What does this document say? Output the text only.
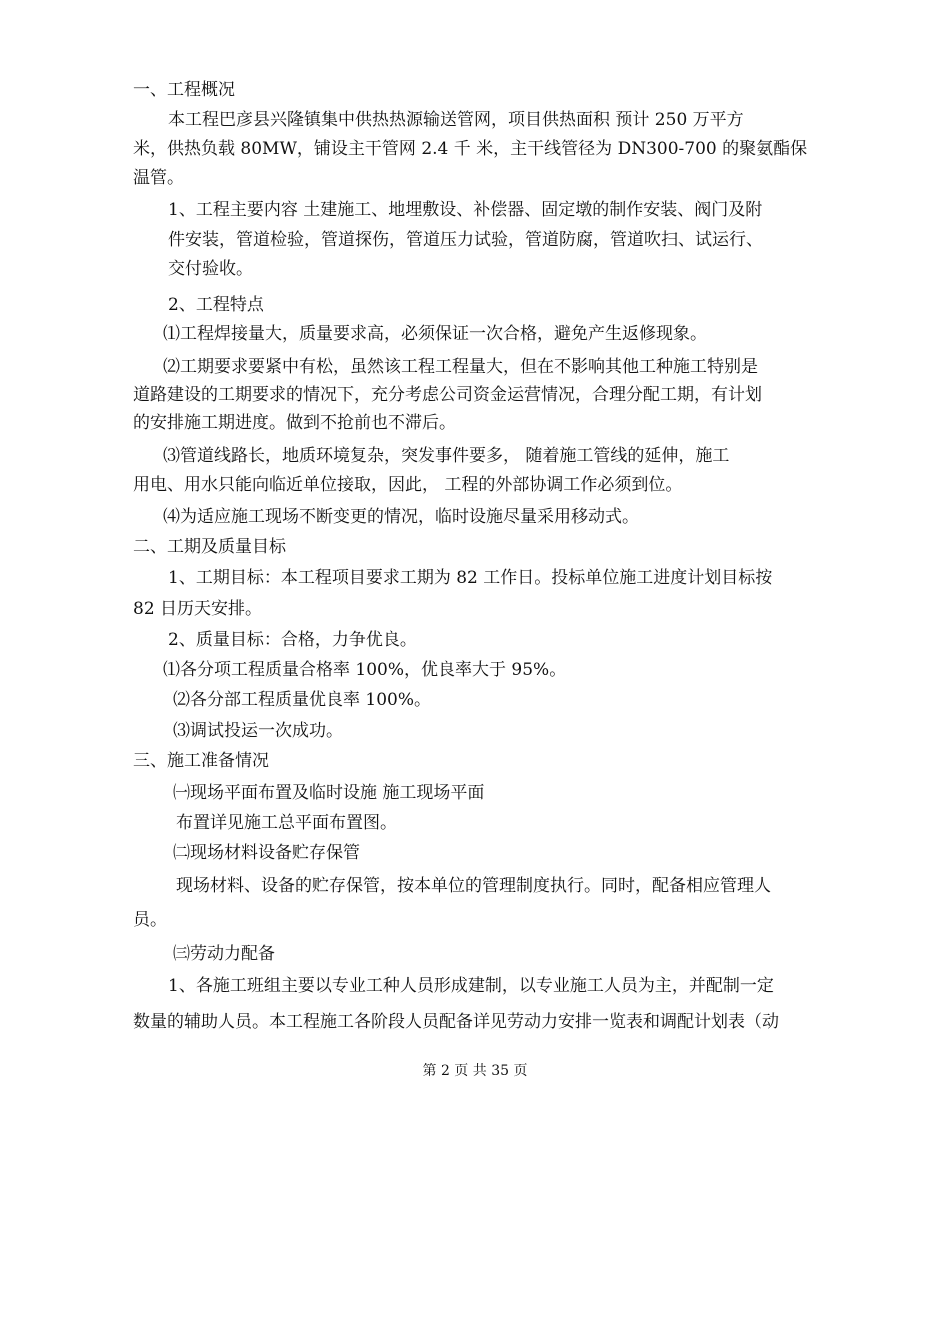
一、工程概况
本工程巴彦县兴隆镇集中供热热源输送管网，项目供热面积 预计 250 万平方
米，供热负载 80MW，铺设主干管网 2.4 千 米，主干线管径为 DN300-700 的聚氨酯保
温管。
1、工程主要内容 土建施工、地埋敷设、补偿器、固定墩的制作安装、阀门及附
件安装，管道检验，管道探伤，管道压力试验，管道防腐，管道吹扫、试运行、
交付验收。
2、工程特点
⑴工程焊接量大，质量要求高，必须保证一次合格，避免产生返修现象。
⑵工期要求要紧中有松，虽然该工程工程量大，但在不影响其他工种施工特别是
道路建设的工期要求的情况下，充分考虑公司资金运营情况，合理分配工期，有计划
的安排施工期进度。做到不抢前也不滞后。
⑶管道线路长，地质环境复杂，突发事件要多， 随着施工管线的延伸，施工
用电、用水只能向临近单位接取，因此， 工程的外部协调工作必须到位。
⑷为适应施工现场不断变更的情况，临时设施尽量采用移动式。
二、工期及质量目标
1、工期目标：本工程项目要求工期为 82 工作日。投标单位施工进度计划目标按
82 日历天安排。
2、质量目标：合格，力争优良。
⑴各分项工程质量合格率 100%，优良率大于 95%。
⑵各分部工程质量优良率 100%。
⑶调试投运一次成功。
三、施工准备情况
㈠现场平面布置及临时设施 施工现场平面
布置详见施工总平面布置图。
㈡现场材料设备贮存保管
现场材料、设备的贮存保管，按本单位的管理制度执行。同时，配备相应管理人
员。
㈢劳动力配备
1、各施工班组主要以专业工种人员形成建制，以专业施工人员为主，并配制一定
数量的辅助人员。本工程施工各阶段人员配备详见劳动力安排一览表和调配计划表（动
第 2 页 共 35 页
